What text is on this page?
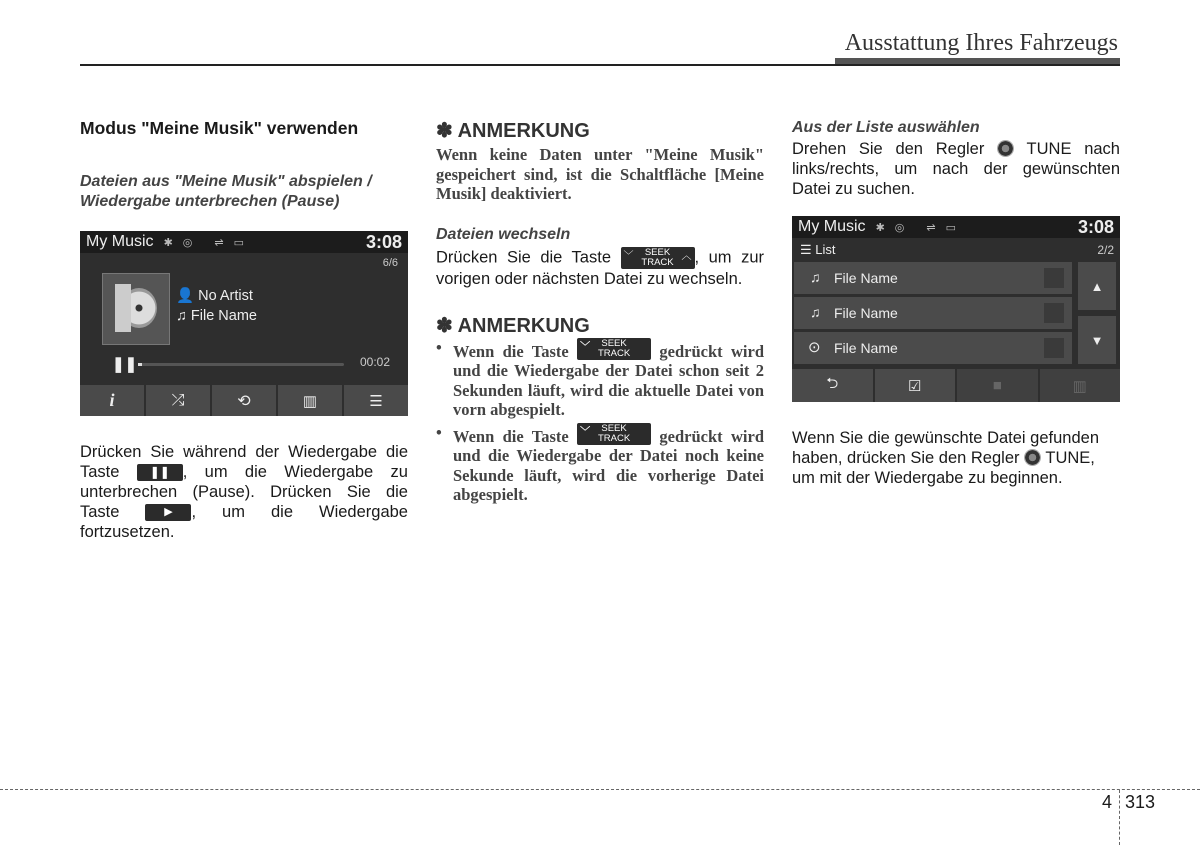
Ausstattung Ihres Fahrzeugs
Modus "Meine Musik" verwenden

Dateien aus "Meine Musik" abspielen / Wiedergabe unterbrechen (Pause)

My Music ✱ ◎ ⇌ ▭	3:08
6/6
👤 No Artist
♫ File Name
❚❚	00:02
i	⤮	⟲	▥	☰

Drücken Sie während der Wiedergabe die Taste	❚❚ , um die Wiedergabe zu unterbrechen (Pause). Drücken Sie die Taste	▶ , um die Wiedergabe fortzusetzen.

✽ ANMERKUNG

Wenn keine Daten unter "Meine Musik" gespeichert sind, ist die Schaltfläche [Meine Musik] deaktiviert.

Dateien wechseln

Drücken Sie die Taste ﹀	SEEK
TRACK
︿ , um zur vorigen oder nächsten Datei zu wechseln.

✽ ANMERKUNG

• Wenn die Taste ﹀	SEEK
TRACK	gedrückt wird und die Wiedergabe der Datei schon seit 2 Sekunden läuft, wird die aktuelle Datei von vorn abgespielt.
• Wenn die Taste ﹀	SEEK
TRACK	gedrückt wird und die Wiedergabe der Datei noch keine Sekunde läuft, wird die vorherige Datei abgespielt.

Aus der Liste auswählen

Drehen Sie den Regler	TUNE nach links/rechts, um nach der gewünschten Datei zu suchen.

My Music ✱ ◎ ⇌ ▭	3:08
☰ List	2/2
♫ File Name
♫ File Name
⊙ File Name
▲
▼
⮌	☑	■	▥

Wenn Sie die gewünschte Datei gefunden haben, drücken Sie den Regler TUNE, um mit der Wiedergabe zu beginnen.

4 313
